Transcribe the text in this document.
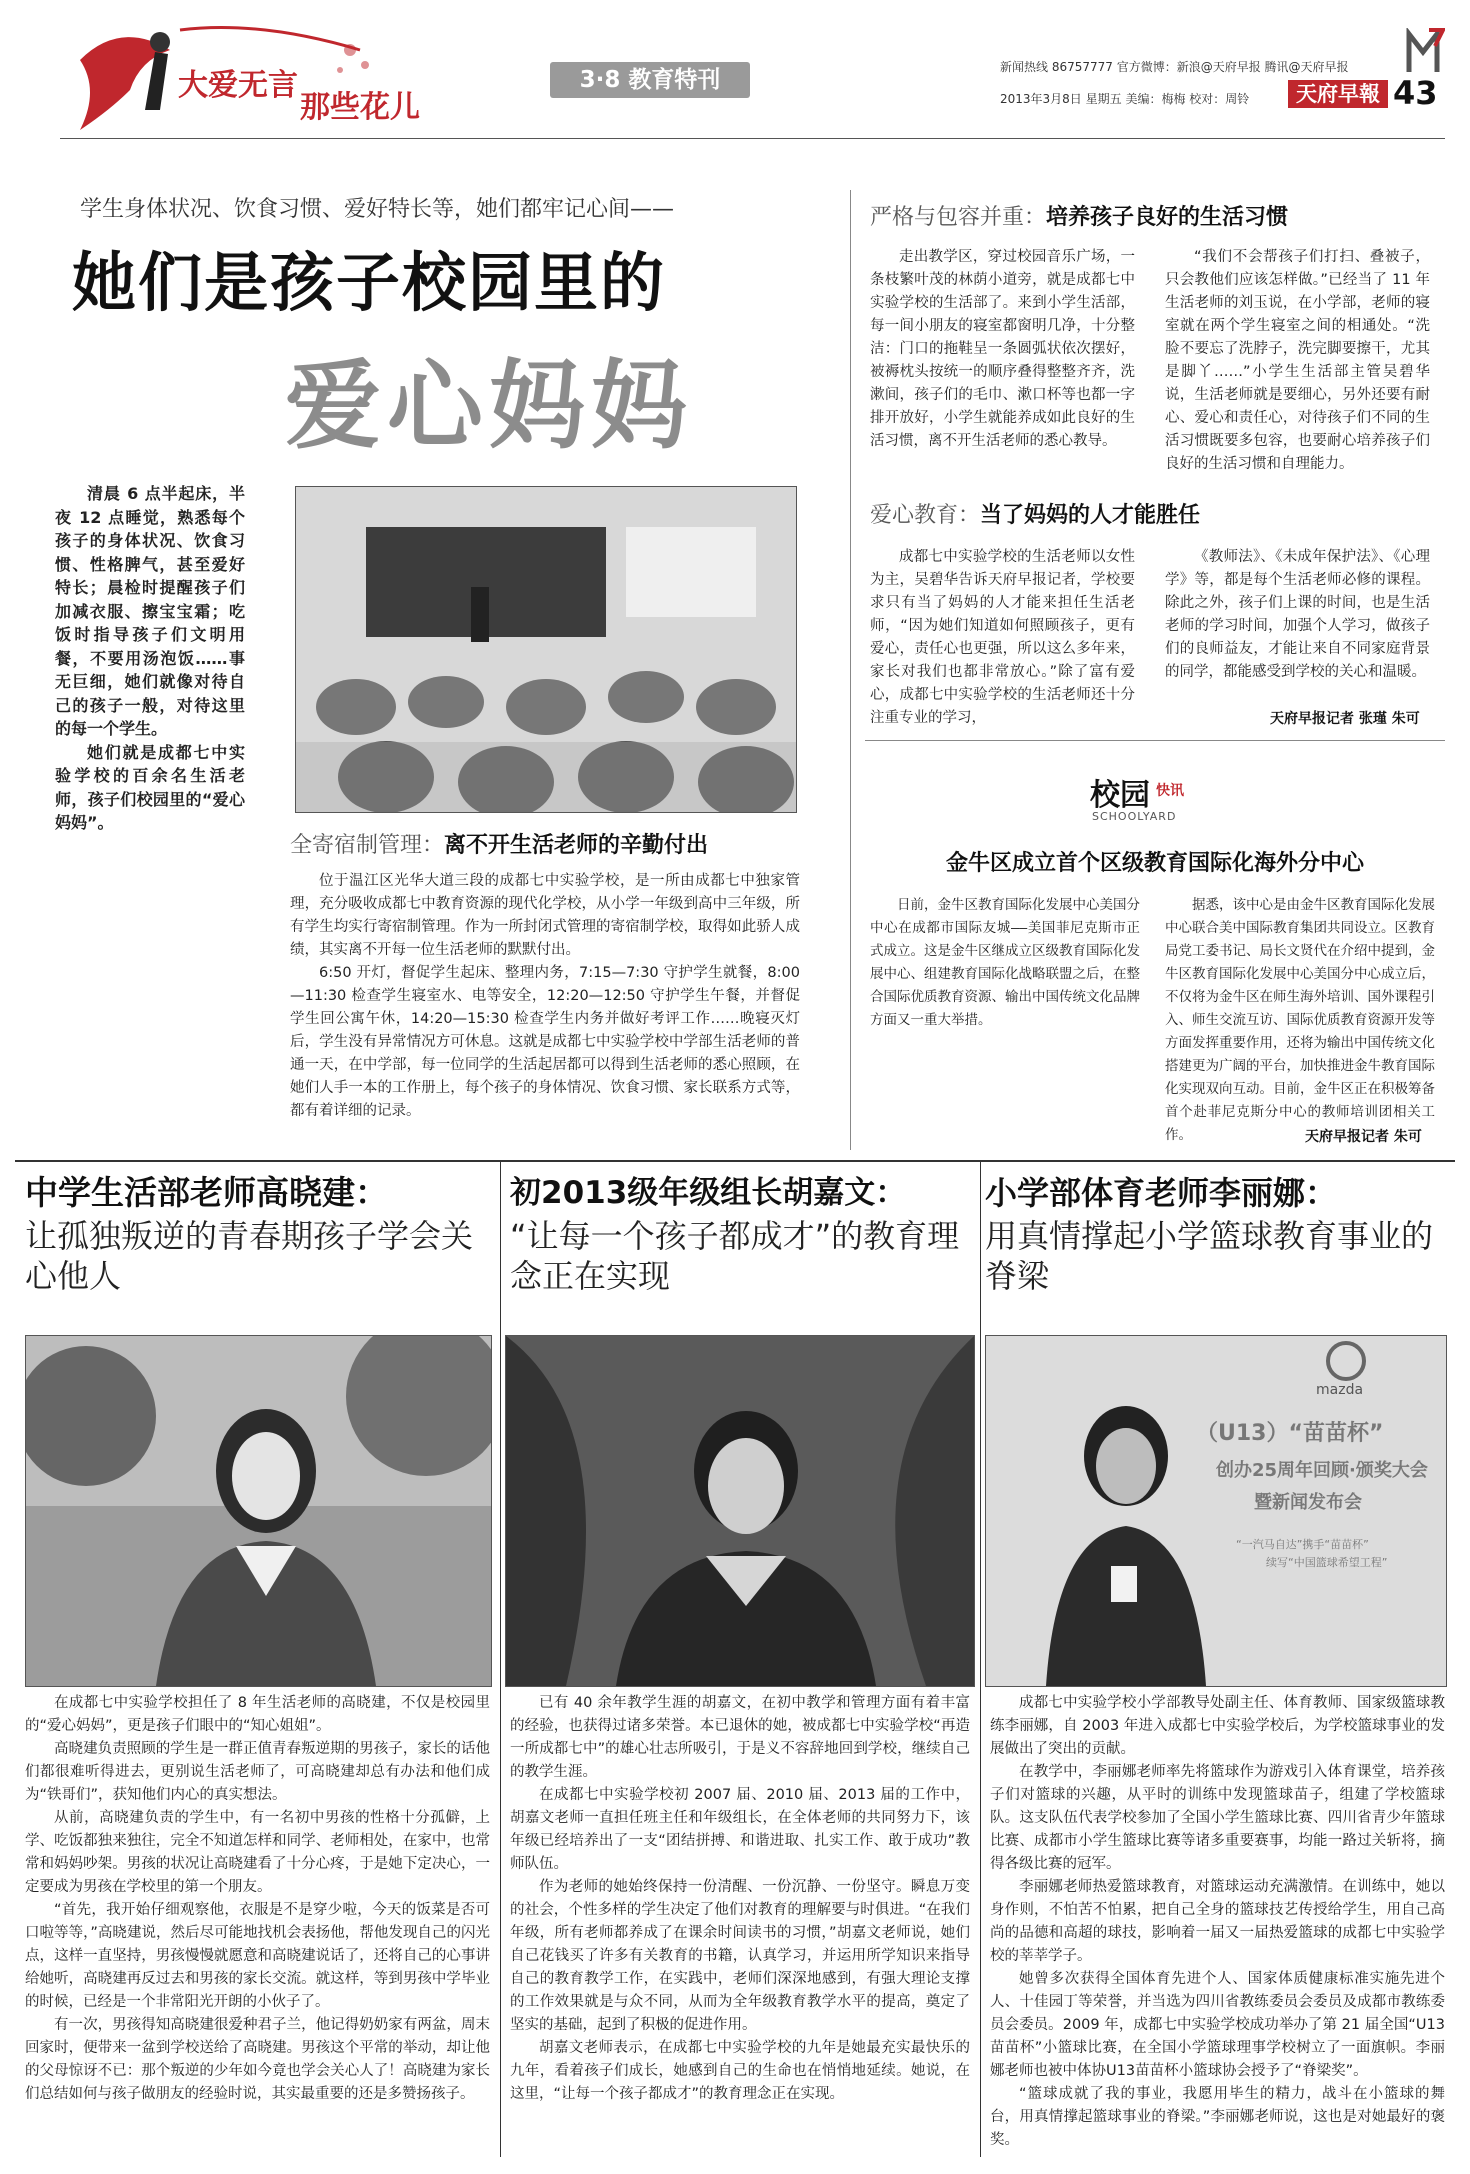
大爱无言
那些花儿
3·8 教育特刊	新闻热线 86757777 官方微博：新浪@天府早报 腾讯@天府早报
2013年3月8日 星期五 美编：梅梅 校对：周铃	天府早報 43
学生身体状况、饮食习惯、爱好特长等，她们都牢记心间——
她们是孩子校园里的
爱心妈妈

清晨 6 点半起床，半夜 12 点睡觉，熟悉每个孩子的身体状况、饮食习惯、性格脾气，甚至爱好特长；晨检时提醒孩子们加减衣服、擦宝宝霜；吃饭时指导孩子们文明用餐，不要用汤泡饭……事无巨细，她们就像对待自己的孩子一般，对待这里的每一个学生。

她们就是成都七中实验学校的百余名生活老师，孩子们校园里的“爱心妈妈”。

全寄宿制管理：离不开生活老师的辛勤付出

位于温江区光华大道三段的成都七中实验学校，是一所由成都七中独家管理，充分吸收成都七中教育资源的现代化学校，从小学一年级到高中三年级，所有学生均实行寄宿制管理。作为一所封闭式管理的寄宿制学校，取得如此骄人成绩，其实离不开每一位生活老师的默默付出。

6:50 开灯，督促学生起床、整理内务，7:15—7:30 守护学生就餐，8:00—11:30 检查学生寝室水、电等安全，12:20—12:50 守护学生午餐，并督促学生回公寓午休，14:20—15:30 检查学生内务并做好考评工作……晚寝灭灯后，学生没有异常情况方可休息。这就是成都七中实验学校中学部生活老师的普通一天，在中学部，每一位同学的生活起居都可以得到生活老师的悉心照顾，在她们人手一本的工作册上，每个孩子的身体情况、饮食习惯、家长联系方式等，都有着详细的记录。

严格与包容并重：培养孩子良好的生活习惯

走出教学区，穿过校园音乐广场，一条枝繁叶茂的林荫小道旁，就是成都七中实验学校的生活部了。来到小学生活部，每一间小朋友的寝室都窗明几净，十分整洁：门口的拖鞋呈一条圆弧状依次摆好，被褥枕头按统一的顺序叠得整整齐齐，洗漱间，孩子们的毛巾、漱口杯等也都一字排开放好，小学生就能养成如此良好的生活习惯，离不开生活老师的悉心教导。

“我们不会帮孩子们打扫、叠被子，只会教他们应该怎样做。”已经当了 11 年生活老师的刘玉说，在小学部，老师的寝室就在两个学生寝室之间的相通处。“洗脸不要忘了洗脖子，洗完脚要擦干，尤其是脚丫……”小学生生活部主管吴碧华说，生活老师就是要细心，另外还要有耐心、爱心和责任心，对待孩子们不同的生活习惯既要多包容，也要耐心培养孩子们良好的生活习惯和自理能力。

爱心教育：当了妈妈的人才能胜任

成都七中实验学校的生活老师以女性为主，吴碧华告诉天府早报记者，学校要求只有当了妈妈的人才能来担任生活老师，“因为她们知道如何照顾孩子，更有爱心，责任心也更强，所以这么多年来，家长对我们也都非常放心。”除了富有爱心，成都七中实验学校的生活老师还十分注重专业的学习，

《教师法》、《未成年保护法》、《心理学》等，都是每个生活老师必修的课程。除此之外，孩子们上课的时间，也是生活老师的学习时间，加强个人学习，做孩子们的良师益友，才能让来自不同家庭背景的同学，都能感受到学校的关心和温暖。

天府早报记者 张瑾 朱可
校园 快讯
SCHOOLYARD
金牛区成立首个区级教育国际化海外分中心

日前，金牛区教育国际化发展中心美国分中心在成都市国际友城——美国菲尼克斯市正式成立。这是金牛区继成立区级教育国际化发展中心、组建教育国际化战略联盟之后，在整合国际优质教育资源、输出中国传统文化品牌方面又一重大举措。

据悉，该中心是由金牛区教育国际化发展中心联合美中国际教育集团共同设立。区教育局党工委书记、局长文贤代在介绍中提到，金牛区教育国际化发展中心美国分中心成立后，不仅将为金牛区在师生海外培训、国外课程引入、师生交流互访、国际优质教育资源开发等方面发挥重要作用，还将为输出中国传统文化搭建更为广阔的平台，加快推进金牛教育国际化实现双向互动。目前，金牛区正在积极筹备首个赴菲尼克斯分中心的教师培训团相关工作。	天府早报记者 朱可
中学生活部老师高晓建：
让孤独叛逆的青春期孩子学会关心他人

在成都七中实验学校担任了 8 年生活老师的高晓建，不仅是校园里的“爱心妈妈”，更是孩子们眼中的“知心姐姐”。

高晓建负责照顾的学生是一群正值青春叛逆期的男孩子，家长的话他们都很难听得进去，更别说生活老师了，可高晓建却总有办法和他们成为“铁哥们”，获知他们内心的真实想法。

从前，高晓建负责的学生中，有一名初中男孩的性格十分孤僻，上学、吃饭都独来独往，完全不知道怎样和同学、老师相处，在家中，也常常和妈妈吵架。男孩的状况让高晓建看了十分心疼，于是她下定决心，一定要成为男孩在学校里的第一个朋友。

“首先，我开始仔细观察他，衣服是不是穿少啦，今天的饭菜是否可口啦等等，”高晓建说，然后尽可能地找机会表扬他，帮他发现自己的闪光点，这样一直坚持，男孩慢慢就愿意和高晓建说话了，还将自己的心事讲给她听，高晓建再反过去和男孩的家长交流。就这样，等到男孩中学毕业的时候，已经是一个非常阳光开朗的小伙子了。

有一次，男孩得知高晓建很爱种君子兰，他记得奶奶家有两盆，周末回家时，便带来一盆到学校送给了高晓建。男孩这个平常的举动，却让他的父母惊讶不已：那个叛逆的少年如今竟也学会关心人了！高晓建为家长们总结如何与孩子做朋友的经验时说，其实最重要的还是多赞扬孩子。

初2013级年级组长胡嘉文：
“让每一个孩子都成才”的教育理念正在实现

已有 40 余年教学生涯的胡嘉文，在初中教学和管理方面有着丰富的经验，也获得过诸多荣誉。本已退休的她，被成都七中实验学校“再造一所成都七中”的雄心壮志所吸引，于是义不容辞地回到学校，继续自己的教学生涯。

在成都七中实验学校初 2007 届、2010 届、2013 届的工作中，胡嘉文老师一直担任班主任和年级组长，在全体老师的共同努力下，该年级已经培养出了一支“团结拼搏、和谐进取、扎实工作、敢于成功”教师队伍。

作为老师的她始终保持一份清醒、一份沉静、一份坚守。瞬息万变的社会，个性多样的学生决定了他们对教育的理解要与时俱进。“在我们年级，所有老师都养成了在课余时间读书的习惯，”胡嘉文老师说，她们自己花钱买了许多有关教育的书籍，认真学习，并运用所学知识来指导自己的教育教学工作，在实践中，老师们深深地感到，有强大理论支撑的工作效果就是与众不同，从而为全年级教育教学水平的提高，奠定了坚实的基础，起到了积极的促进作用。

胡嘉文老师表示，在成都七中实验学校的九年是她最充实最快乐的九年，看着孩子们成长，她感到自己的生命也在悄悄地延续。她说，在这里，“让每一个孩子都成才”的教育理念正在实现。

小学部体育老师李丽娜：
用真情撑起小学篮球教育事业的脊梁
mazda
（U13）“苗苗杯”
创办25周年回顾·颁奖大会
暨新闻发布会
“一汽马自达”携手“苗苗杯”
续写“中国篮球希望工程”

成都七中实验学校小学部教导处副主任、体育教师、国家级篮球教练李丽娜，自 2003 年进入成都七中实验学校后，为学校篮球事业的发展做出了突出的贡献。

在教学中，李丽娜老师率先将篮球作为游戏引入体育课堂，培养孩子们对篮球的兴趣，从平时的训练中发现篮球苗子，组建了学校篮球队。这支队伍代表学校参加了全国小学生篮球比赛、四川省青少年篮球比赛、成都市小学生篮球比赛等诸多重要赛事，均能一路过关斩将，摘得各级比赛的冠军。

李丽娜老师热爱篮球教育，对篮球运动充满激情。在训练中，她以身作则，不怕苦不怕累，把自己全身的篮球技艺传授给学生，用自己高尚的品德和高超的球技，影响着一届又一届热爱篮球的成都七中实验学校的莘莘学子。

她曾多次获得全国体育先进个人、国家体质健康标准实施先进个人、十佳园丁等荣誉，并当选为四川省教练委员会委员及成都市教练委员会委员。2009 年，成都七中实验学校成功举办了第 21 届全国“U13 苗苗杯”小篮球比赛，在全国小学篮球理事学校树立了一面旗帜。李丽娜老师也被中体协U13苗苗杯小篮球协会授予了“脊梁奖”。

“篮球成就了我的事业，我愿用毕生的精力，战斗在小篮球的舞台，用真情撑起篮球事业的脊梁。”李丽娜老师说，这也是对她最好的褒奖。
